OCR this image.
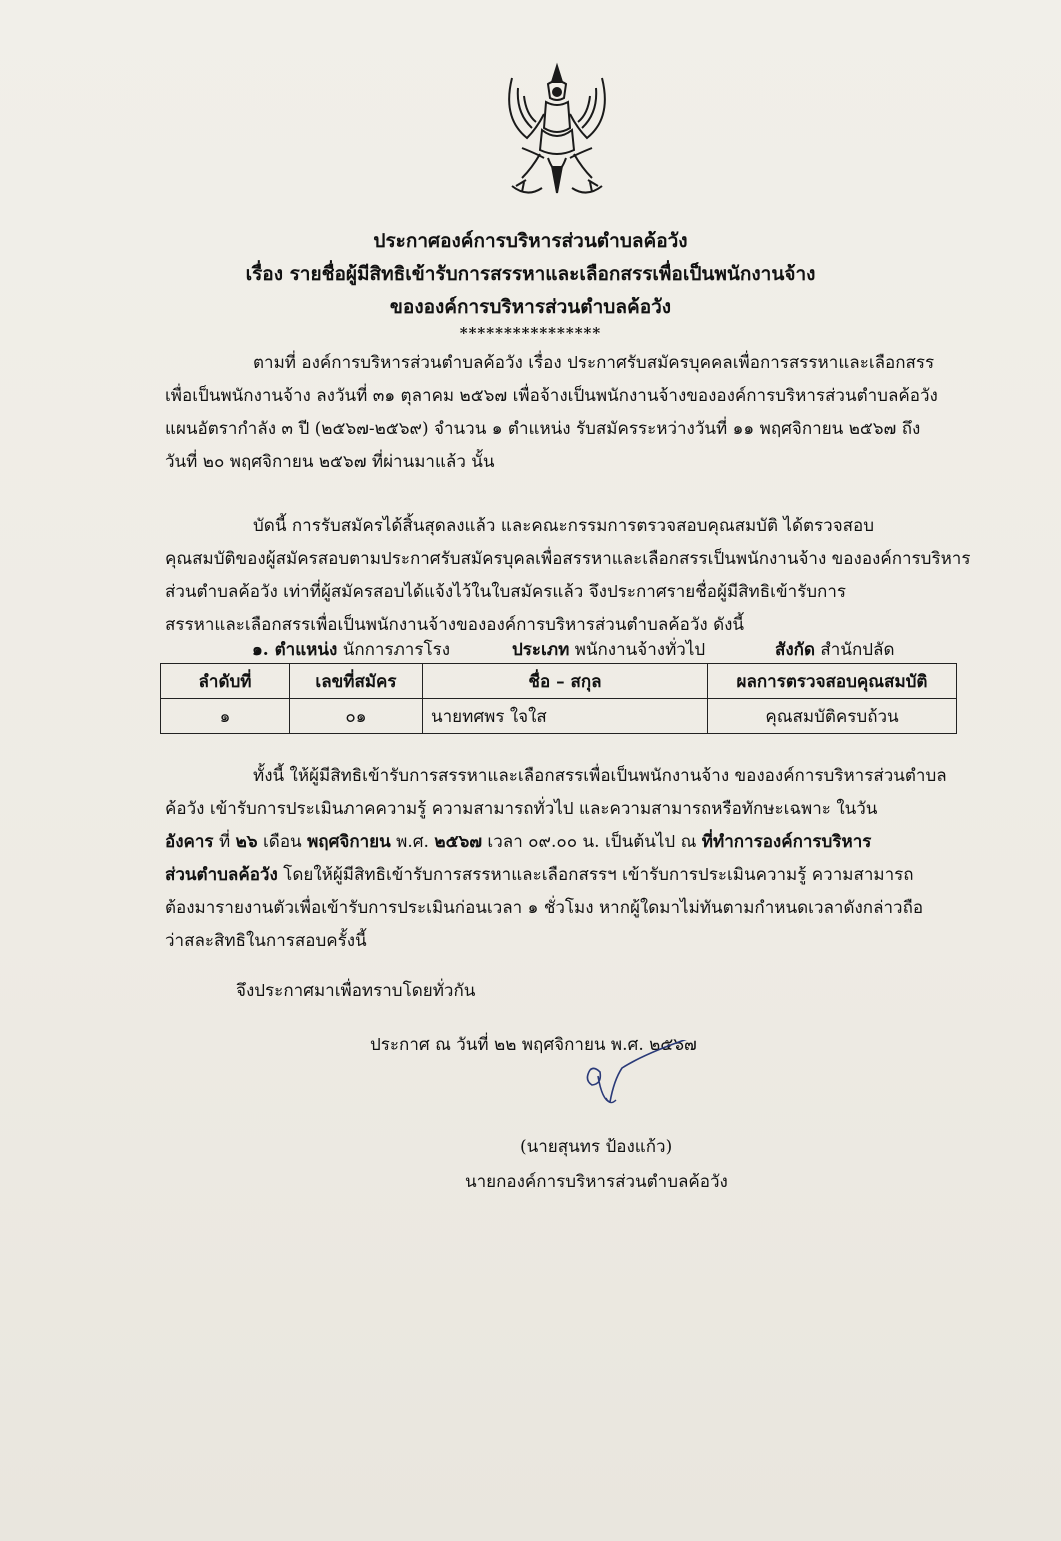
ประกาศองค์การบริหารส่วนตำบลค้อวัง
เรื่อง รายชื่อผู้มีสิทธิเข้ารับการสรรหาและเลือกสรรเพื่อเป็นพนักงานจ้าง
ขององค์การบริหารส่วนตำบลค้อวัง
****************
ตามที่ องค์การบริหารส่วนตำบลค้อวัง เรื่อง ประกาศรับสมัครบุคคลเพื่อการสรรหาและเลือกสรร
เพื่อเป็นพนักงานจ้าง ลงวันที่ ๓๑ ตุลาคม ๒๕๖๗ เพื่อจ้างเป็นพนักงานจ้างขององค์การบริหารส่วนตำบลค้อวัง
แผนอัตรากำลัง ๓ ปี (๒๕๖๗-๒๕๖๙) จำนวน ๑ ตำแหน่ง รับสมัครระหว่างวันที่ ๑๑ พฤศจิกายน ๒๕๖๗ ถึง
วันที่ ๒๐ พฤศจิกายน ๒๕๖๗ ที่ผ่านมาแล้ว นั้น
บัดนี้ การรับสมัครได้สิ้นสุดลงแล้ว และคณะกรรมการตรวจสอบคุณสมบัติ ได้ตรวจสอบ
คุณสมบัติของผู้สมัครสอบตามประกาศรับสมัครบุคลเพื่อสรรหาและเลือกสรรเป็นพนักงานจ้าง ขององค์การบริหาร
ส่วนตำบลค้อวัง เท่าที่ผู้สมัครสอบได้แจ้งไว้ในใบสมัครแล้ว จึงประกาศรายชื่อผู้มีสิทธิเข้ารับการ
สรรหาและเลือกสรรเพื่อเป็นพนักงานจ้างขององค์การบริหารส่วนตำบลค้อวัง ดังนี้
๑. ตำแหน่ง นักการภารโรง	ประเภท พนักงานจ้างทั่วไป	สังกัด สำนักปลัด
ลำดับที่	เลขที่สมัคร	ชื่อ – สกุล	ผลการตรวจสอบคุณสมบัติ
๑	๐๑	นายทศพร ใจใส	คุณสมบัติครบถ้วน
ทั้งนี้ ให้ผู้มีสิทธิเข้ารับการสรรหาและเลือกสรรเพื่อเป็นพนักงานจ้าง ขององค์การบริหารส่วนตำบล
ค้อวัง เข้ารับการประเมินภาคความรู้ ความสามารถทั่วไป และความสามารถหรือทักษะเฉพาะ ในวัน
อังคาร ที่ ๒๖ เดือน พฤศจิกายน พ.ศ. ๒๕๖๗ เวลา ๐๙.๐๐ น. เป็นต้นไป ณ ที่ทำการองค์การบริหาร
ส่วนตำบลค้อวัง โดยให้ผู้มีสิทธิเข้ารับการสรรหาและเลือกสรรฯ เข้ารับการประเมินความรู้ ความสามารถ
ต้องมารายงานตัวเพื่อเข้ารับการประเมินก่อนเวลา ๑ ชั่วโมง หากผู้ใดมาไม่ทันตามกำหนดเวลาดังกล่าวถือ
ว่าสละสิทธิในการสอบครั้งนี้
จึงประกาศมาเพื่อทราบโดยทั่วกัน
ประกาศ ณ วันที่ ๒๒ พฤศจิกายน พ.ศ. ๒๕๖๗
(นายสุนทร ป้องแก้ว)
นายกองค์การบริหารส่วนตำบลค้อวัง
